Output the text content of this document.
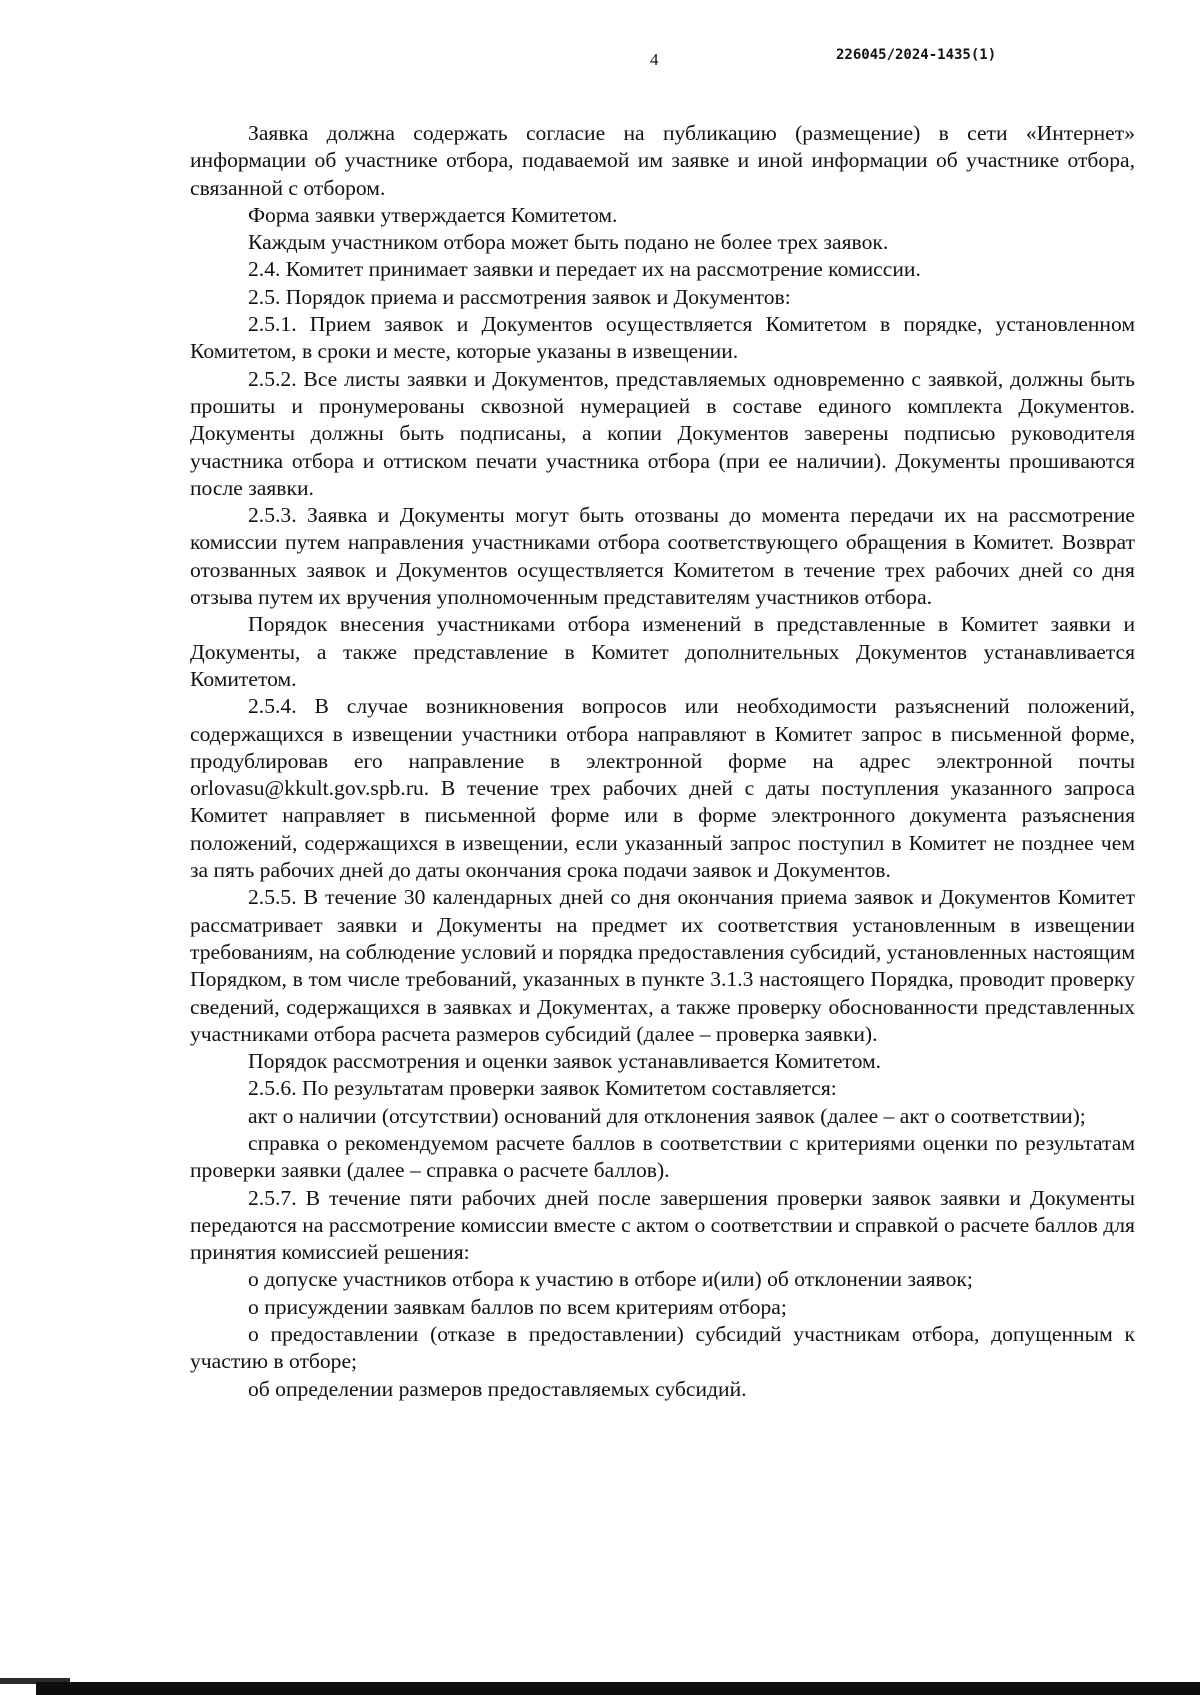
4	226045/2024-1435(1)

Заявка должна содержать согласие на публикацию (размещение) в сети «Интернет» информации об участнике отбора, подаваемой им заявке и иной информации об участнике отбора, связанной с отбором.

Форма заявки утверждается Комитетом.

Каждым участником отбора может быть подано не более трех заявок.

2.4. Комитет принимает заявки и передает их на рассмотрение комиссии.

2.5. Порядок приема и рассмотрения заявок и Документов:

2.5.1. Прием заявок и Документов осуществляется Комитетом в порядке, установленном Комитетом, в сроки и месте, которые указаны в извещении.

2.5.2. Все листы заявки и Документов, представляемых одновременно с заявкой, должны быть прошиты и пронумерованы сквозной нумерацией в составе единого комплекта Документов. Документы должны быть подписаны, а копии Документов заверены подписью руководителя участника отбора и оттиском печати участника отбора (при ее наличии). Документы прошиваются после заявки.

2.5.3. Заявка и Документы могут быть отозваны до момента передачи их на рассмотрение комиссии путем направления участниками отбора соответствующего обращения в Комитет. Возврат отозванных заявок и Документов осуществляется Комитетом в течение трех рабочих дней со дня отзыва путем их вручения уполномоченным представителям участников отбора.

Порядок внесения участниками отбора изменений в представленные в Комитет заявки и Документы, а также представление в Комитет дополнительных Документов устанавливается Комитетом.

2.5.4. В случае возникновения вопросов или необходимости разъяснений положений, содержащихся в извещении участники отбора направляют в Комитет запрос в письменной форме, продублировав его направление в электронной форме на адрес электронной почты orlovasu@kkult.gov.spb.ru. В течение трех рабочих дней с даты поступления указанного запроса Комитет направляет в письменной форме или в форме электронного документа разъяснения положений, содержащихся в извещении, если указанный запрос поступил в Комитет не позднее чем за пять рабочих дней до даты окончания срока подачи заявок и Документов.

2.5.5. В течение 30 календарных дней со дня окончания приема заявок и Документов Комитет рассматривает заявки и Документы на предмет их соответствия установленным в извещении требованиям, на соблюдение условий и порядка предоставления субсидий, установленных настоящим Порядком, в том числе требований, указанных в пункте 3.1.3 настоящего Порядка, проводит проверку сведений, содержащихся в заявках и Документах, а также проверку обоснованности представленных участниками отбора расчета размеров субсидий (далее – проверка заявки).

Порядок рассмотрения и оценки заявок устанавливается Комитетом.

2.5.6. По результатам проверки заявок Комитетом составляется:

акт о наличии (отсутствии) оснований для отклонения заявок (далее – акт о соответствии);

справка о рекомендуемом расчете баллов в соответствии с критериями оценки по результатам проверки заявки (далее – справка о расчете баллов).

2.5.7. В течение пяти рабочих дней после завершения проверки заявок заявки и Документы передаются на рассмотрение комиссии вместе с актом о соответствии и справкой о расчете баллов для принятия комиссией решения:

о допуске участников отбора к участию в отборе и(или) об отклонении заявок;

о присуждении заявкам баллов по всем критериям отбора;

о предоставлении (отказе в предоставлении) субсидий участникам отбора, допущенным к участию в отборе;

об определении размеров предоставляемых субсидий.
